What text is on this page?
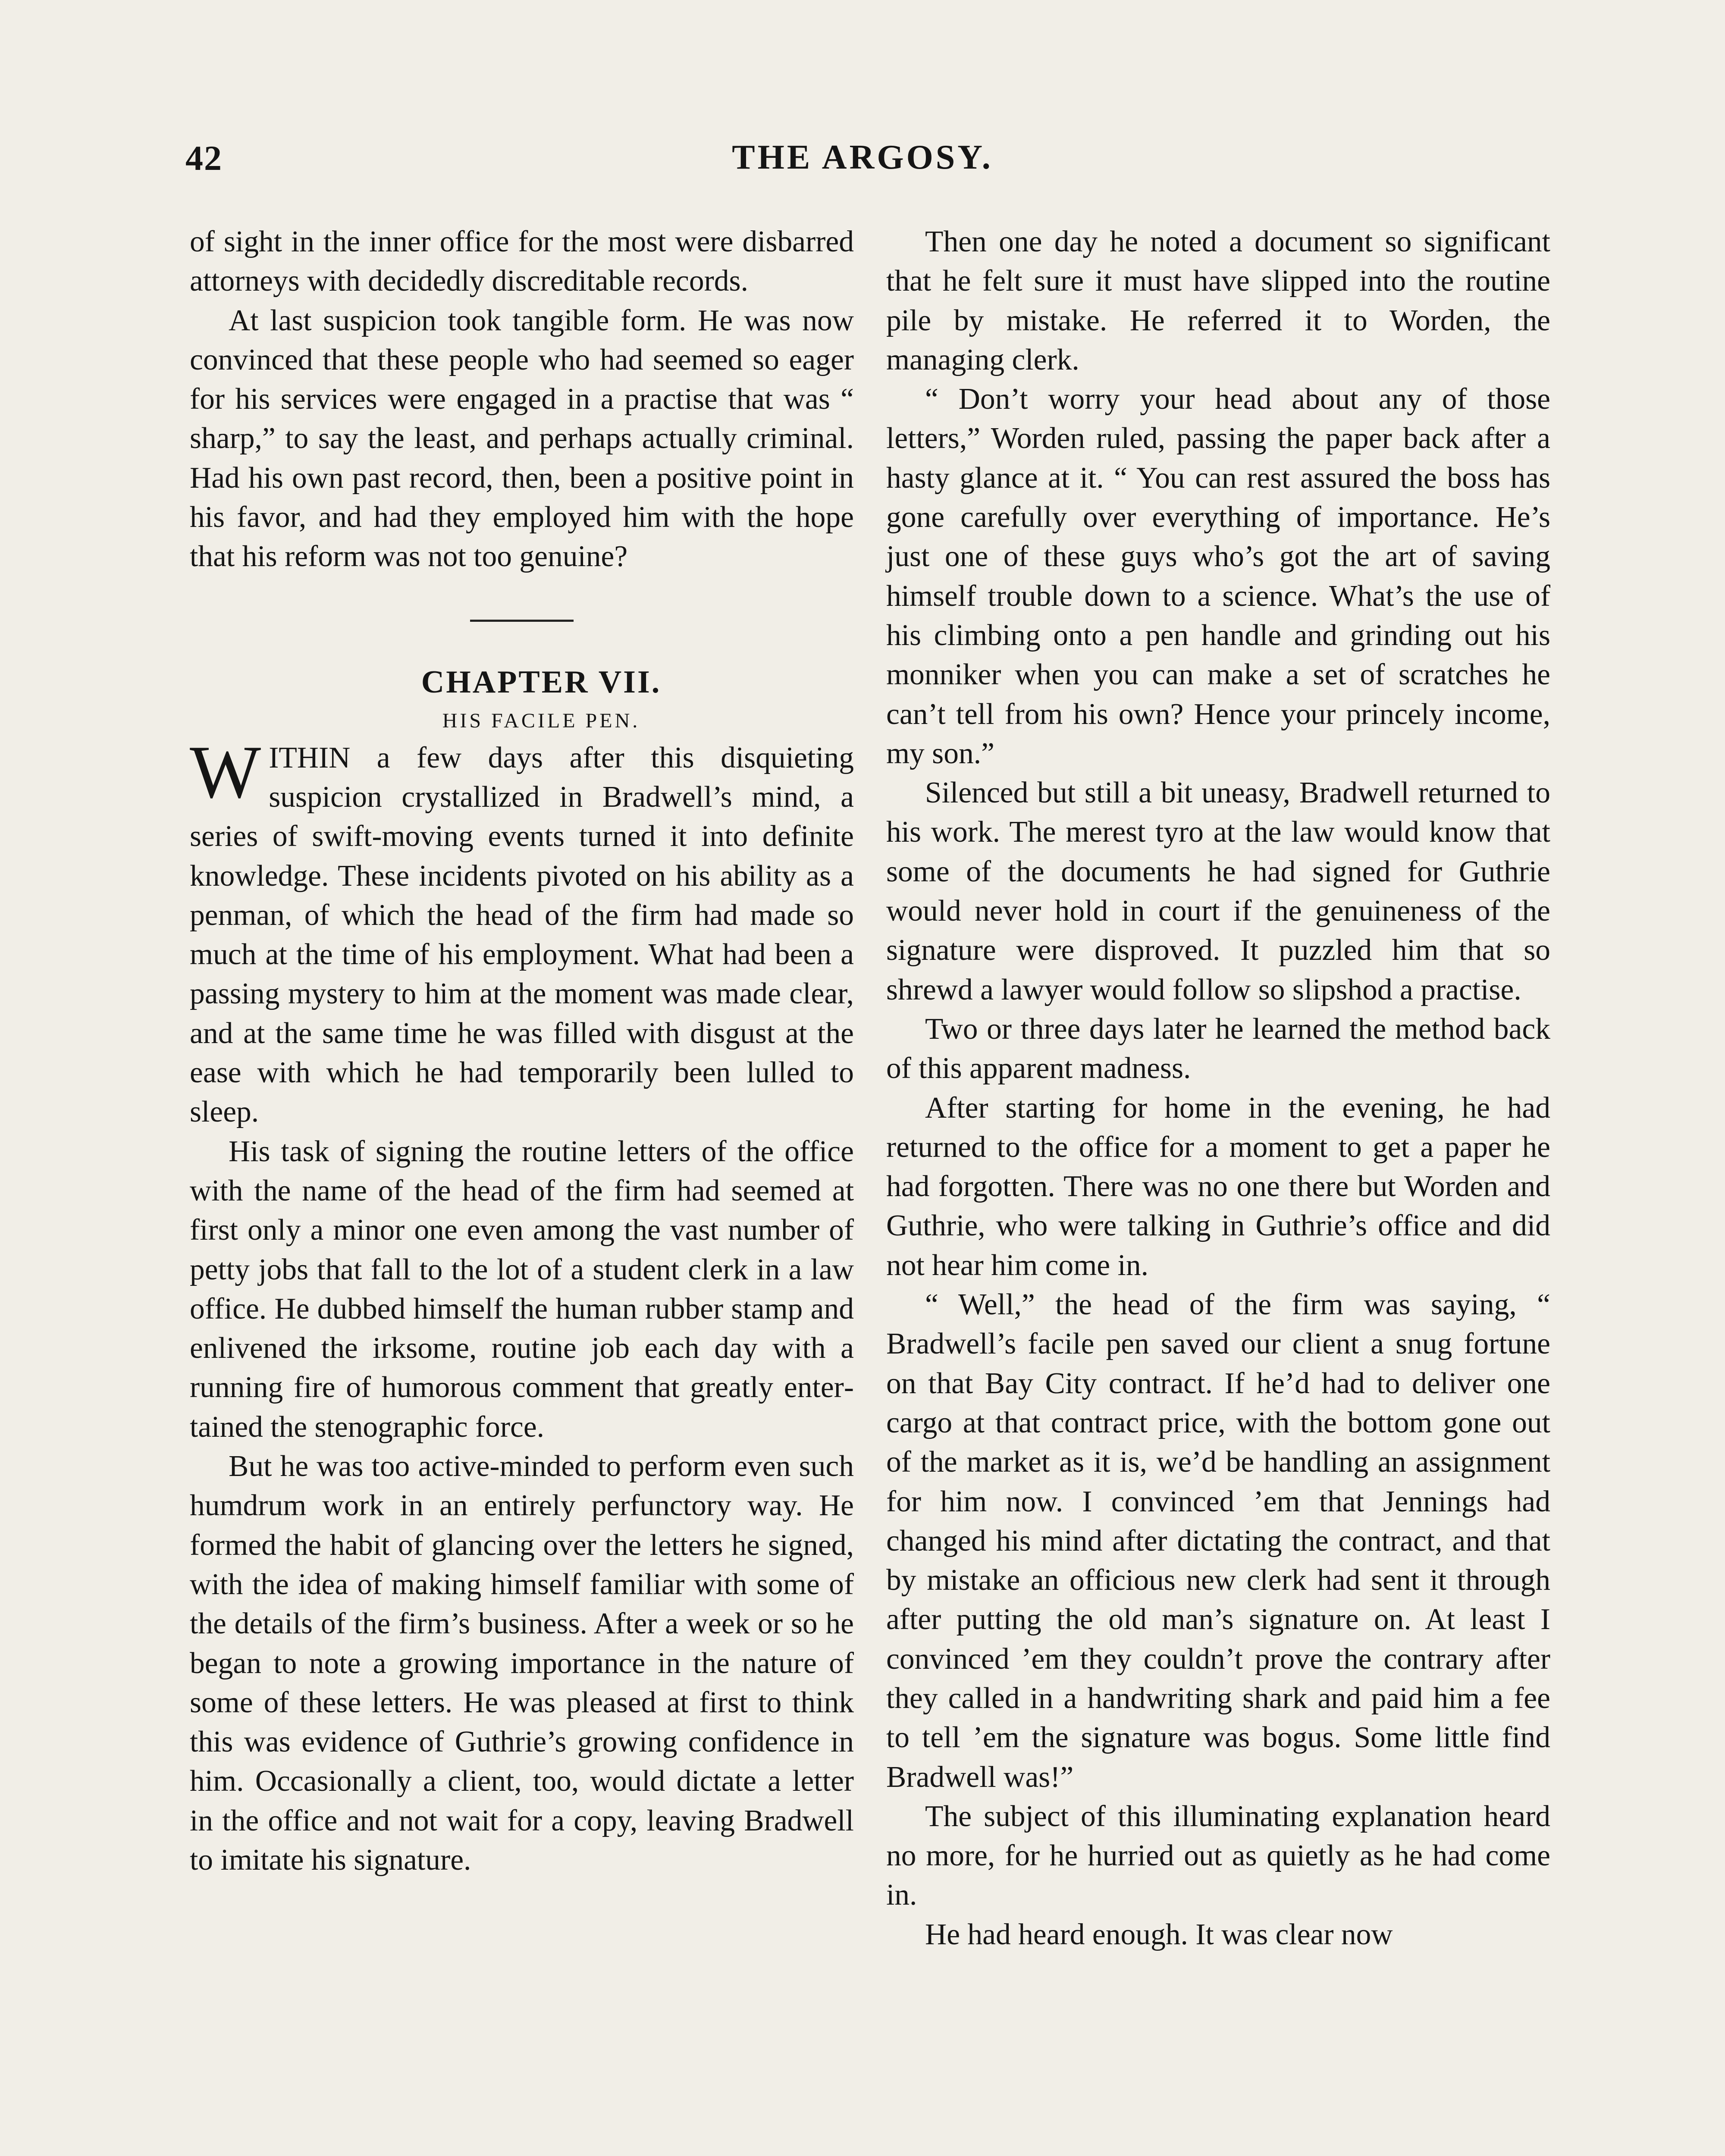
42	THE ARGOSY.

of sight in the inner office for the most were disbarred attorneys with decidedly discreditable records.

At last suspicion took tangible form. He was now convinced that these people who had seemed so eager for his services were engaged in a practise that was “ sharp,” to say the least, and perhaps actually criminal. Had his own past record, then, been a positive point in his favor, and had they employed him with the hope that his reform was not too genuine?

CHAPTER VII.

HIS FACILE PEN.

WITHIN a few days after this disquieting suspicion crystallized in Bradwell’s mind, a series of swift-moving events turned it into definite knowledge. These incidents pivoted on his ability as a penman, of which the head of the firm had made so much at the time of his employment. What had been a passing mystery to him at the moment was made clear, and at the same time he was filled with disgust at the ease with which he had temporarily been lulled to sleep.

His task of signing the routine letters of the office with the name of the head of the firm had seemed at first only a minor one even among the vast number of petty jobs that fall to the lot of a student clerk in a law office. He dubbed himself the human rubber stamp and enlivened the irksome, routine job each day with a running fire of humorous comment that greatly entertained the stenographic force.

But he was too active-minded to perform even such humdrum work in an entirely perfunctory way. He formed the habit of glancing over the letters he signed, with the idea of making himself familiar with some of the details of the firm’s business. After a week or so he began to note a growing importance in the nature of some of these letters. He was pleased at first to think this was evidence of Guthrie’s growing confidence in him. Occasionally a client, too, would dictate a letter in the office and not wait for a copy, leaving Bradwell to imitate his signature.

Then one day he noted a document so significant that he felt sure it must have slipped into the routine pile by mistake. He referred it to Worden, the managing clerk.

“ Don’t worry your head about any of those letters,” Worden ruled, passing the paper back after a hasty glance at it. “ You can rest assured the boss has gone carefully over everything of importance. He’s just one of these guys who’s got the art of saving himself trouble down to a science. What’s the use of his climbing onto a pen handle and grinding out his monniker when you can make a set of scratches he can’t tell from his own? Hence your princely income, my son.”

Silenced but still a bit uneasy, Bradwell returned to his work. The merest tyro at the law would know that some of the documents he had signed for Guthrie would never hold in court if the genuineness of the signature were disproved. It puzzled him that so shrewd a lawyer would follow so slipshod a practise.

Two or three days later he learned the method back of this apparent madness.

After starting for home in the evening, he had returned to the office for a moment to get a paper he had forgotten. There was no one there but Worden and Guthrie, who were talking in Guthrie’s office and did not hear him come in.

“ Well,” the head of the firm was saying, “ Bradwell’s facile pen saved our client a snug fortune on that Bay City contract. If he’d had to deliver one cargo at that contract price, with the bottom gone out of the market as it is, we’d be handling an assignment for him now. I convinced ’em that Jennings had changed his mind after dictating the contract, and that by mistake an officious new clerk had sent it through after putting the old man’s signature on. At least I convinced ’em they couldn’t prove the contrary after they called in a handwriting shark and paid him a fee to tell ’em the signature was bogus. Some little find Bradwell was!”

The subject of this illuminating explanation heard no more, for he hurried out as quietly as he had come in.

He had heard enough. It was clear now
